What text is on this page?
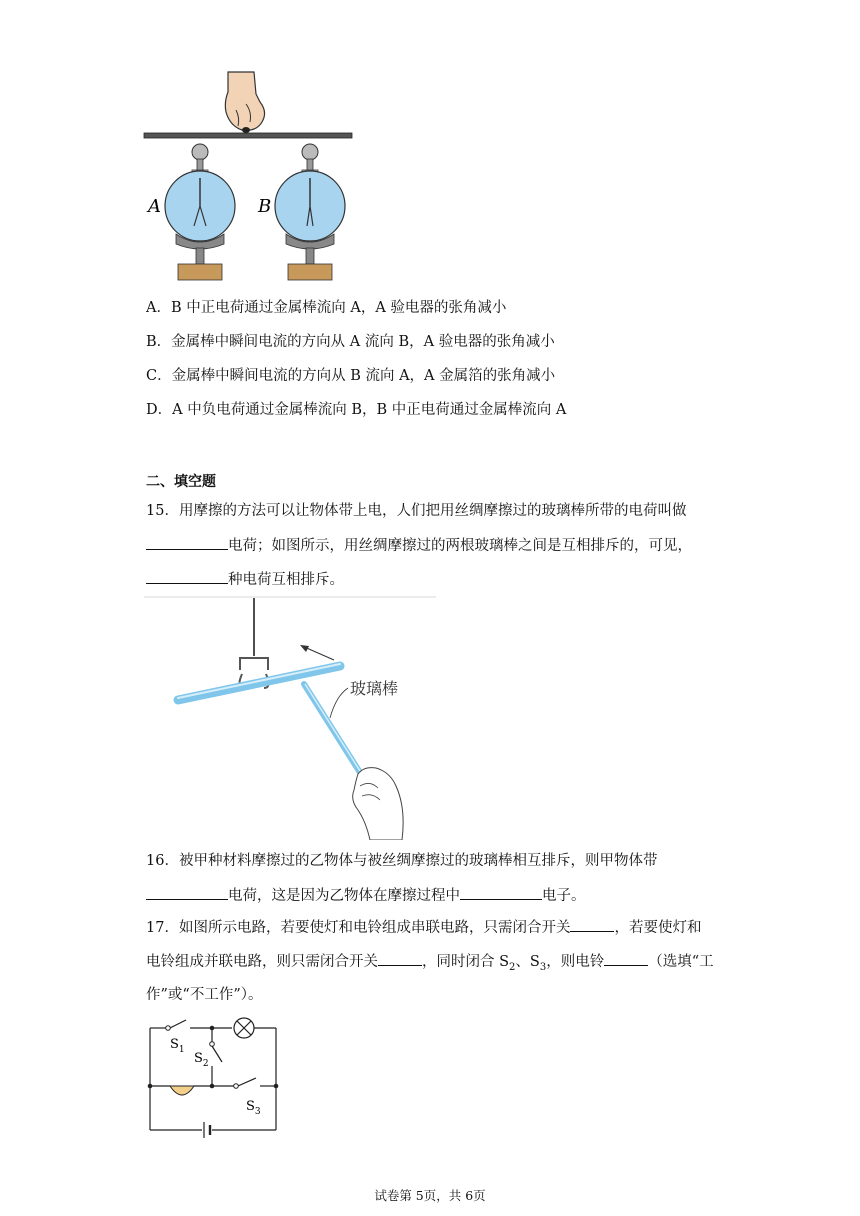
A	B
A．B 中正电荷通过金属棒流向 A，A 验电器的张角减小
B．金属棒中瞬间电流的方向从 A 流向 B，A 验电器的张角减小
C．金属棒中瞬间电流的方向从 B 流向 A，A 金属箔的张角减小
D．A 中负电荷通过金属棒流向 B，B 中正电荷通过金属棒流向 A
二、填空题
15．用摩擦的方法可以让物体带上电，人们把用丝绸摩擦过的玻璃棒所带的电荷叫做
电荷；如图所示，用丝绸摩擦过的两根玻璃棒之间是互相排斥的，可见，
种电荷互相排斥。
玻璃棒
16．被甲种材料摩擦过的乙物体与被丝绸摩擦过的玻璃棒相互排斥，则甲物体带
电荷，这是因为乙物体在摩擦过程中	电子。
17．如图所示电路，若要使灯和电铃组成串联电路，只需闭合开关	，若要使灯和
电铃组成并联电路，则只需闭合开关	，同时闭合 $S_2$、$S_3$，则电铃	（选填“工
作”或“不工作”）。
$S_1$
$S_2$
$S_3$
试卷第 5页，共 6页
